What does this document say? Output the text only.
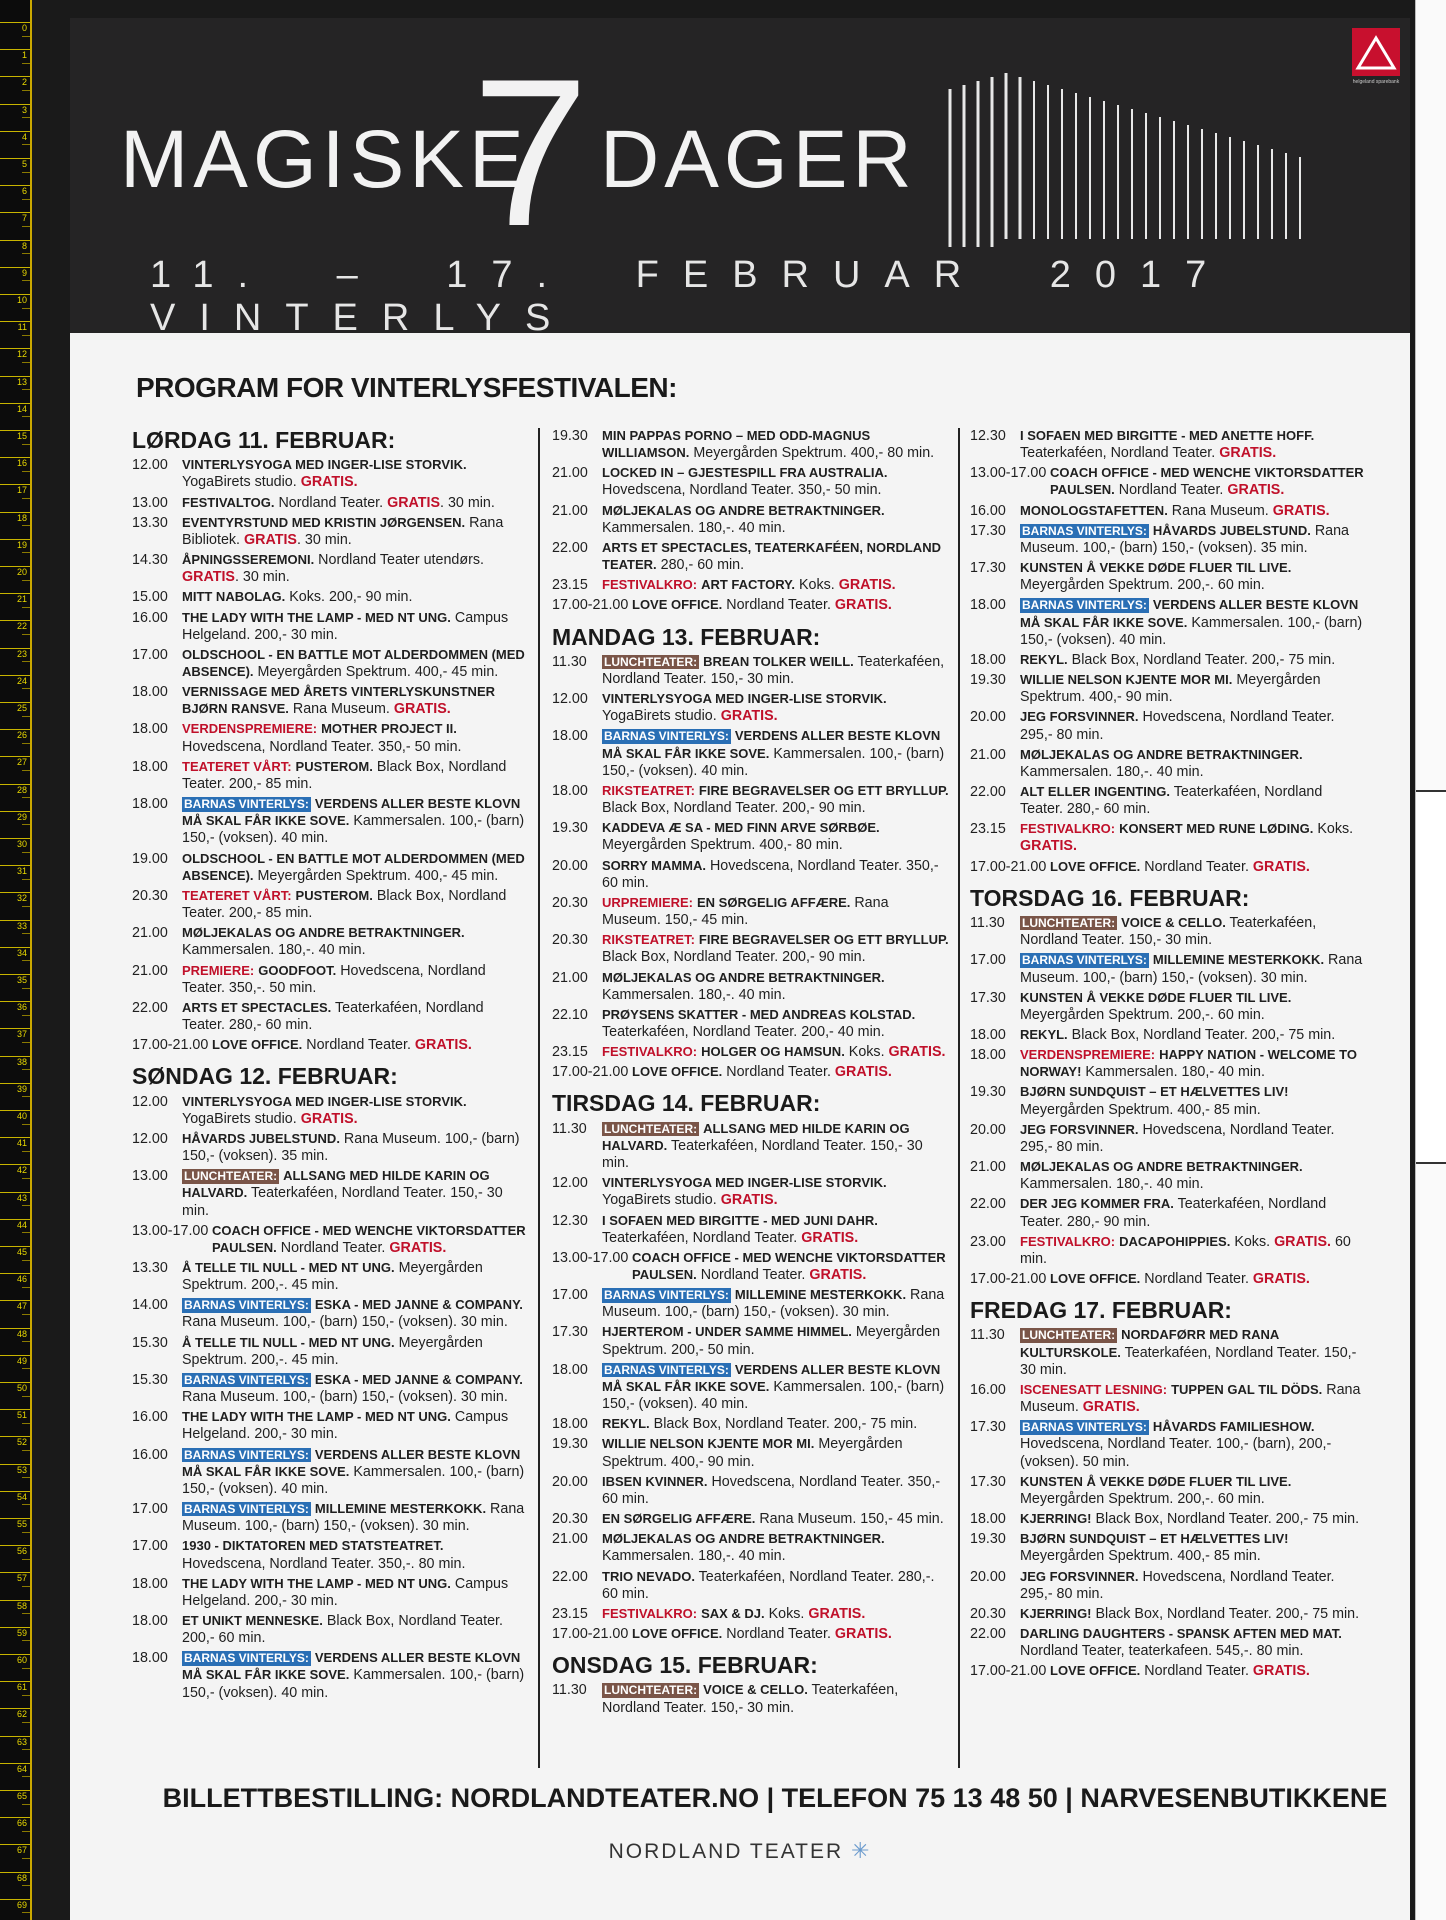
0
1
2
3
4
5
6
7
8
9
10
11
12
13
14
15
16
17
18
19
20
21
22
23
24
25
26
27
28
29
30
31
32
33
34
35
36
37
38
39
40
41
42
43
44
45
46
47
48
49
50
51
52
53
54
55
56
57
58
59
60
61
62
63
64
65
66
67
68
69
MAGISKE
7 DAGER
11. – 17. FEBRUAR 2017 VINTERLYS
helgeland sparebank
PROGRAM FOR VINTERLYSFESTIVALEN:
LØRDAG 11. FEBRUAR:
12.00	VINTERLYSYOGA MED INGER-LISE STORVIK. YogaBirets studio. GRATIS.
13.00	FESTIVALTOG. Nordland Teater. GRATIS. 30 min.
13.30	EVENTYRSTUND MED KRISTIN JØRGENSEN. Rana Bibliotek. GRATIS. 30 min.
14.30	ÅPNINGSSEREMONI. Nordland Teater utendørs. GRATIS. 30 min.
15.00	MITT NABOLAG. Koks. 200,- 90 min.
16.00	THE LADY WITH THE LAMP - MED NT UNG. Campus Helgeland. 200,- 30 min.
17.00	OLDSCHOOL - EN BATTLE MOT ALDERDOMMEN (MED ABSENCE). Meyergården Spektrum. 400,- 45 min.
18.00	VERNISSAGE MED ÅRETS VINTERLYSKUNSTNER BJØRN RANSVE. Rana Museum. GRATIS.
18.00	VERDENSPREMIERE: MOTHER PROJECT II. Hovedscena, Nordland Teater. 350,- 50 min.
18.00	TEATERET VÅRT: PUSTEROM. Black Box, Nordland Teater. 200,- 85 min.
18.00	BARNAS VINTERLYS: VERDENS ALLER BESTE KLOVN MÅ SKAL FÅR IKKE SOVE. Kammersalen. 100,- (barn) 150,- (voksen). 40 min.
19.00	OLDSCHOOL - EN BATTLE MOT ALDERDOMMEN (MED ABSENCE). Meyergården Spektrum. 400,- 45 min.
20.30	TEATERET VÅRT: PUSTEROM. Black Box, Nordland Teater. 200,- 85 min.
21.00	MØLJEKALAS OG ANDRE BETRAKTNINGER. Kammersalen. 180,-. 40 min.
21.00	PREMIERE: GOODFOOT. Hovedscena, Nordland Teater. 350,-. 50 min.
22.00	ARTS ET SPECTACLES. Teaterkaféen, Nordland Teater. 280,- 60 min.
17.00-21.00 LOVE OFFICE. Nordland Teater. GRATIS.
SØNDAG 12. FEBRUAR:
12.00	VINTERLYSYOGA MED INGER-LISE STORVIK. YogaBirets studio. GRATIS.
12.00	HÅVARDS JUBELSTUND. Rana Museum. 100,- (barn) 150,- (voksen). 35 min.
13.00	LUNCHTEATER: ALLSANG MED HILDE KARIN OG HALVARD. Teaterkaféen, Nordland Teater. 150,- 30 min.
13.00-17.00 COACH OFFICE - MED WENCHE VIKTORSDATTER PAULSEN. Nordland Teater. GRATIS.
13.30	Å TELLE TIL NULL - MED NT UNG. Meyergården Spektrum. 200,-. 45 min.
14.00	BARNAS VINTERLYS: ESKA - MED JANNE & COMPANY. Rana Museum. 100,- (barn) 150,- (voksen). 30 min.
15.30	Å TELLE TIL NULL - MED NT UNG. Meyergården Spektrum. 200,-. 45 min.
15.30	BARNAS VINTERLYS: ESKA - MED JANNE & COMPANY. Rana Museum. 100,- (barn) 150,- (voksen). 30 min.
16.00	THE LADY WITH THE LAMP - MED NT UNG. Campus Helgeland. 200,- 30 min.
16.00	BARNAS VINTERLYS: VERDENS ALLER BESTE KLOVN MÅ SKAL FÅR IKKE SOVE. Kammersalen. 100,- (barn) 150,- (voksen). 40 min.
17.00	BARNAS VINTERLYS: MILLEMINE MESTERKOKK. Rana Museum. 100,- (barn) 150,- (voksen). 30 min.
17.00	1930 - DIKTATOREN MED STATSTEATRET. Hovedscena, Nordland Teater. 350,-. 80 min.
18.00	THE LADY WITH THE LAMP - MED NT UNG. Campus Helgeland. 200,- 30 min.
18.00	ET UNIKT MENNESKE. Black Box, Nordland Teater. 200,- 60 min.
18.00	BARNAS VINTERLYS: VERDENS ALLER BESTE KLOVN MÅ SKAL FÅR IKKE SOVE. Kammersalen. 100,- (barn) 150,- (voksen). 40 min.
19.30	MIN PAPPAS PORNO – MED ODD-MAGNUS WILLIAMSON. Meyergården Spektrum. 400,- 80 min.
21.00	LOCKED IN – GJESTESPILL FRA AUSTRALIA. Hovedscena, Nordland Teater. 350,- 50 min.
21.00	MØLJEKALAS OG ANDRE BETRAKTNINGER. Kammersalen. 180,-. 40 min.
22.00	ARTS ET SPECTACLES, TEATERKAFÉEN, NORDLAND TEATER. 280,- 60 min.
23.15	FESTIVALKRO: ART FACTORY. Koks. GRATIS.
17.00-21.00 LOVE OFFICE. Nordland Teater. GRATIS.
MANDAG 13. FEBRUAR:
11.30	LUNCHTEATER: BREAN TOLKER WEILL. Teaterkaféen, Nordland Teater. 150,- 30 min.
12.00	VINTERLYSYOGA MED INGER-LISE STORVIK. YogaBirets studio. GRATIS.
18.00	BARNAS VINTERLYS: VERDENS ALLER BESTE KLOVN MÅ SKAL FÅR IKKE SOVE. Kammersalen. 100,- (barn) 150,- (voksen). 40 min.
18.00	RIKSTEATRET: FIRE BEGRAVELSER OG ETT BRYLLUP. Black Box, Nordland Teater. 200,- 90 min.
19.30	KADDEVA Æ SA - MED FINN ARVE SØRBØE. Meyergården Spektrum. 400,- 80 min.
20.00	SORRY MAMMA. Hovedscena, Nordland Teater. 350,- 60 min.
20.30	URPREMIERE: EN SØRGELIG AFFÆRE. Rana Museum. 150,- 45 min.
20.30	RIKSTEATRET: FIRE BEGRAVELSER OG ETT BRYLLUP. Black Box, Nordland Teater. 200,- 90 min.
21.00	MØLJEKALAS OG ANDRE BETRAKTNINGER. Kammersalen. 180,-. 40 min.
22.10	PRØYSENS SKATTER - MED ANDREAS KOLSTAD. Teaterkaféen, Nordland Teater. 200,- 40 min.
23.15	FESTIVALKRO: HOLGER OG HAMSUN. Koks. GRATIS.
17.00-21.00 LOVE OFFICE. Nordland Teater. GRATIS.
TIRSDAG 14. FEBRUAR:
11.30	LUNCHTEATER: ALLSANG MED HILDE KARIN OG HALVARD. Teaterkaféen, Nordland Teater. 150,- 30 min.
12.00	VINTERLYSYOGA MED INGER-LISE STORVIK. YogaBirets studio. GRATIS.
12.30	I SOFAEN MED BIRGITTE - MED JUNI DAHR. Teaterkaféen, Nordland Teater. GRATIS.
13.00-17.00 COACH OFFICE - MED WENCHE VIKTORSDATTER PAULSEN. Nordland Teater. GRATIS.
17.00	BARNAS VINTERLYS: MILLEMINE MESTERKOKK. Rana Museum. 100,- (barn) 150,- (voksen). 30 min.
17.30	HJERTEROM - UNDER SAMME HIMMEL. Meyergården Spektrum. 200,- 50 min.
18.00	BARNAS VINTERLYS: VERDENS ALLER BESTE KLOVN MÅ SKAL FÅR IKKE SOVE. Kammersalen. 100,- (barn) 150,- (voksen). 40 min.
18.00	REKYL. Black Box, Nordland Teater. 200,- 75 min.
19.30	WILLIE NELSON KJENTE MOR MI. Meyergården Spektrum. 400,- 90 min.
20.00	IBSEN KVINNER. Hovedscena, Nordland Teater. 350,- 60 min.
20.30	EN SØRGELIG AFFÆRE. Rana Museum. 150,- 45 min.
21.00	MØLJEKALAS OG ANDRE BETRAKTNINGER. Kammersalen. 180,-. 40 min.
22.00	TRIO NEVADO. Teaterkaféen, Nordland Teater. 280,-. 60 min.
23.15	FESTIVALKRO: SAX & DJ. Koks. GRATIS.
17.00-21.00 LOVE OFFICE. Nordland Teater. GRATIS.
ONSDAG 15. FEBRUAR:
11.30	LUNCHTEATER: VOICE & CELLO. Teaterkaféen, Nordland Teater. 150,- 30 min.
12.30	I SOFAEN MED BIRGITTE - MED ANETTE HOFF. Teaterkaféen, Nordland Teater. GRATIS.
13.00-17.00 COACH OFFICE - MED WENCHE VIKTORSDATTER PAULSEN. Nordland Teater. GRATIS.
16.00	MONOLOGSTAFETTEN. Rana Museum. GRATIS.
17.30	BARNAS VINTERLYS: HÅVARDS JUBELSTUND. Rana Museum. 100,- (barn) 150,- (voksen). 35 min.
17.30	KUNSTEN Å VEKKE DØDE FLUER TIL LIVE. Meyergården Spektrum. 200,-. 60 min.
18.00	BARNAS VINTERLYS: VERDENS ALLER BESTE KLOVN MÅ SKAL FÅR IKKE SOVE. Kammersalen. 100,- (barn) 150,- (voksen). 40 min.
18.00	REKYL. Black Box, Nordland Teater. 200,- 75 min.
19.30	WILLIE NELSON KJENTE MOR MI. Meyergården Spektrum. 400,- 90 min.
20.00	JEG FORSVINNER. Hovedscena, Nordland Teater. 295,- 80 min.
21.00	MØLJEKALAS OG ANDRE BETRAKTNINGER. Kammersalen. 180,-. 40 min.
22.00	ALT ELLER INGENTING. Teaterkaféen, Nordland Teater. 280,- 60 min.
23.15	FESTIVALKRO: KONSERT MED RUNE LØDING. Koks. GRATIS.
17.00-21.00 LOVE OFFICE. Nordland Teater. GRATIS.
TORSDAG 16. FEBRUAR:
11.30	LUNCHTEATER: VOICE & CELLO. Teaterkaféen, Nordland Teater. 150,- 30 min.
17.00	BARNAS VINTERLYS: MILLEMINE MESTERKOKK. Rana Museum. 100,- (barn) 150,- (voksen). 30 min.
17.30	KUNSTEN Å VEKKE DØDE FLUER TIL LIVE. Meyergården Spektrum. 200,-. 60 min.
18.00	REKYL. Black Box, Nordland Teater. 200,- 75 min.
18.00	VERDENSPREMIERE: HAPPY NATION - WELCOME TO NORWAY! Kammersalen. 180,- 40 min.
19.30	BJØRN SUNDQUIST – ET HÆLVETTES LIV! Meyergården Spektrum. 400,- 85 min.
20.00	JEG FORSVINNER. Hovedscena, Nordland Teater. 295,- 80 min.
21.00	MØLJEKALAS OG ANDRE BETRAKTNINGER. Kammersalen. 180,-. 40 min.
22.00	DER JEG KOMMER FRA. Teaterkaféen, Nordland Teater. 280,- 90 min.
23.00	FESTIVALKRO: DACAPOHIPPIES. Koks. GRATIS. 60 min.
17.00-21.00 LOVE OFFICE. Nordland Teater. GRATIS.
FREDAG 17. FEBRUAR:
11.30	LUNCHTEATER: NORDAFØRR MED RANA KULTURSKOLE. Teaterkaféen, Nordland Teater. 150,- 30 min.
16.00	ISCENESATT LESNING: TUPPEN GAL TIL DÖDS. Rana Museum. GRATIS.
17.30	BARNAS VINTERLYS: HÅVARDS FAMILIESHOW. Hovedscena, Nordland Teater. 100,- (barn), 200,- (voksen). 50 min.
17.30	KUNSTEN Å VEKKE DØDE FLUER TIL LIVE. Meyergården Spektrum. 200,-. 60 min.
18.00	KJERRING! Black Box, Nordland Teater. 200,- 75 min.
19.30	BJØRN SUNDQUIST – ET HÆLVETTES LIV! Meyergården Spektrum. 400,- 85 min.
20.00	JEG FORSVINNER. Hovedscena, Nordland Teater. 295,- 80 min.
20.30	KJERRING! Black Box, Nordland Teater. 200,- 75 min.
22.00	DARLING DAUGHTERS - SPANSK AFTEN MED MAT. Nordland Teater, teaterkafeen. 545,-. 80 min.
17.00-21.00 LOVE OFFICE. Nordland Teater. GRATIS.
BILLETTBESTILLING: NORDLANDTEATER.NO | TELEFON 75 13 48 50 | NARVESENBUTIKKENE
NORDLAND TEATER ✳
